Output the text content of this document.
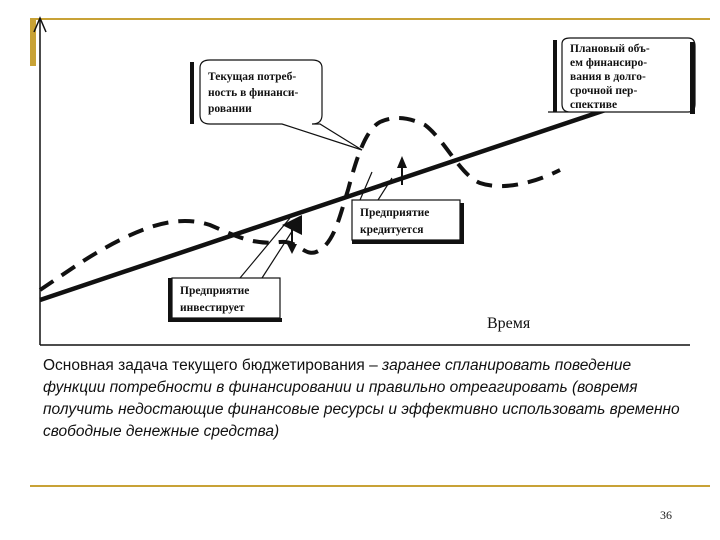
Текущая потреб-
ность в финанси-
ровании
Плановый объ-
ем финансиро-
вания в долго-
срочной пер-
спективе
Предприятие
кредитуется
Предприятие
инвестирует
Время
Основная задача текущего бюджетирования – заранее спланировать поведение функции потребности в финансировании и правильно отреагировать (вовремя получить недостающие финансовые ресурсы и эффективно использовать временно свободные денежные средства)
36
